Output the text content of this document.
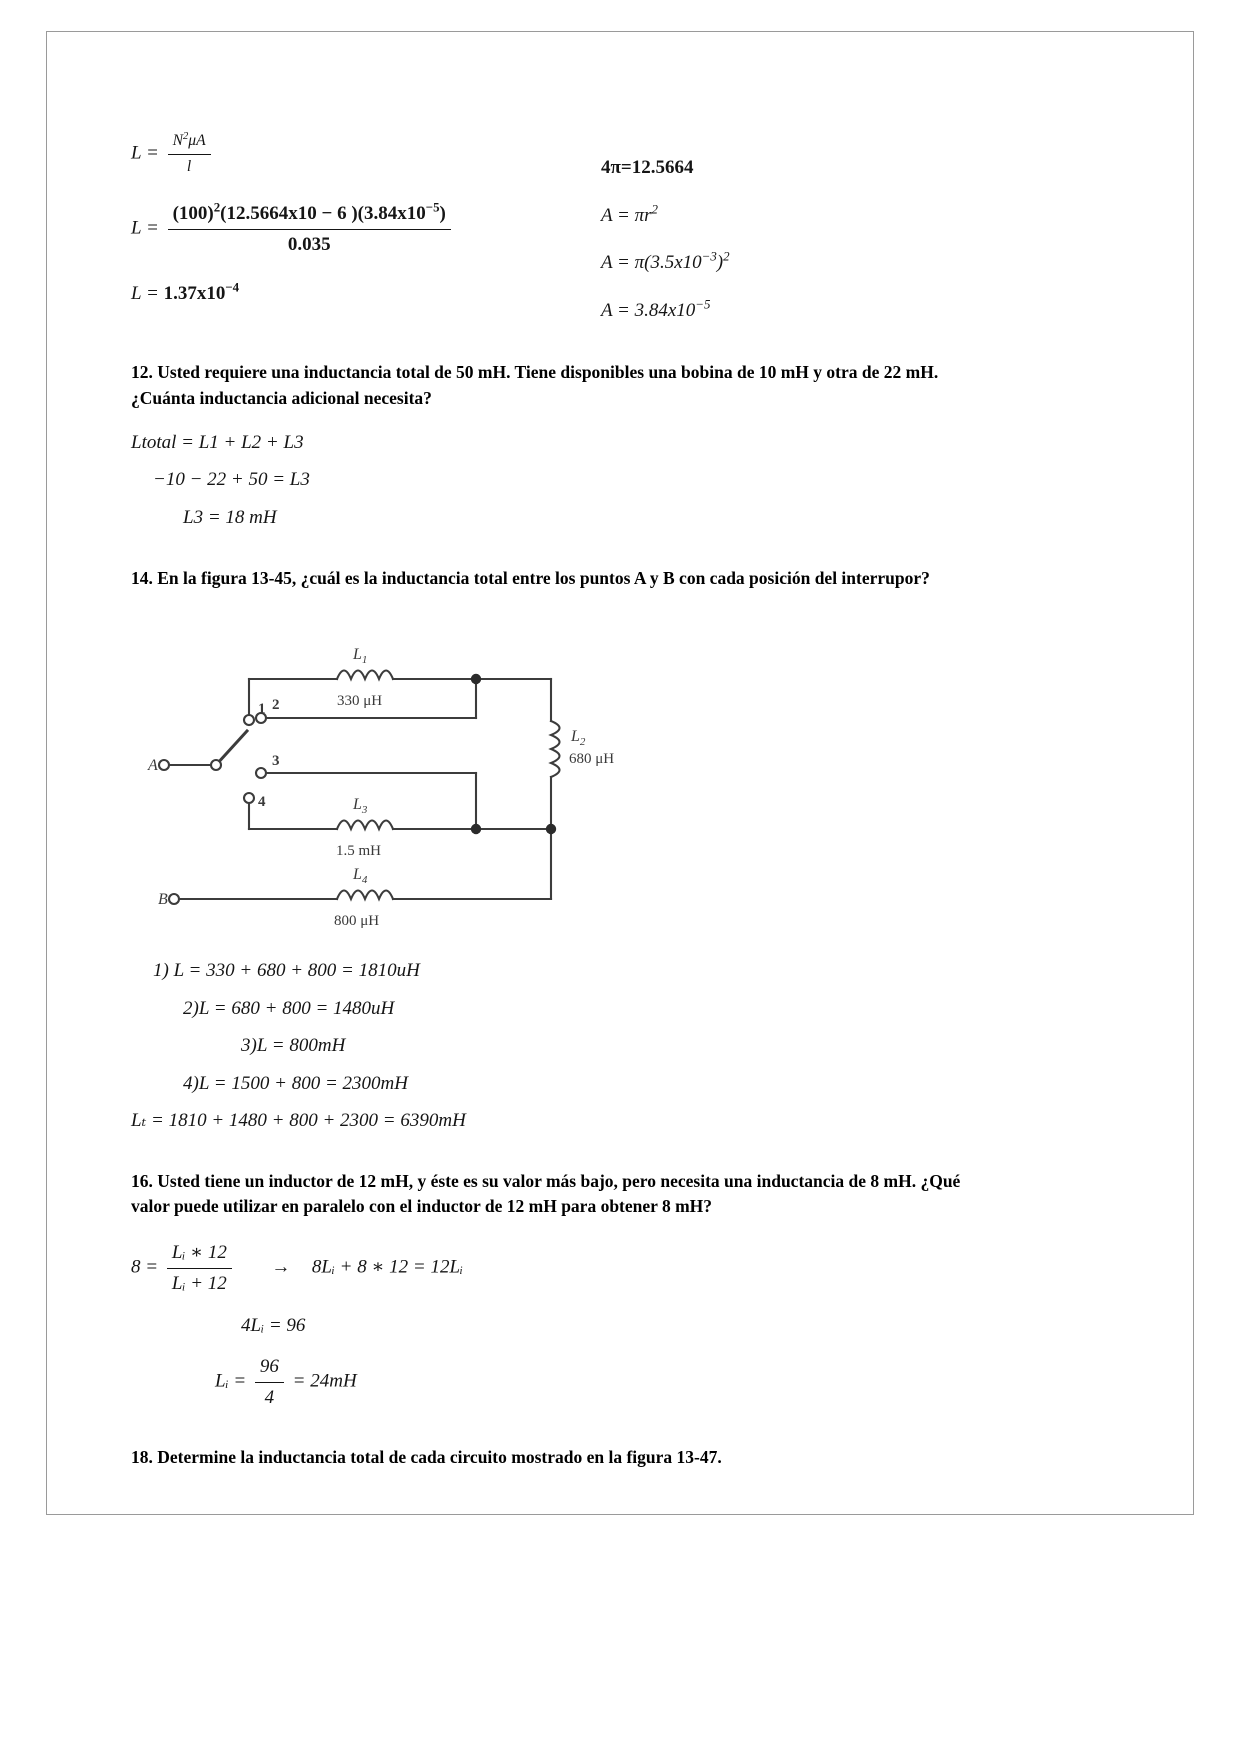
$L = \frac{N^2\mu A}{l}$
$L = \frac{(100)^2(12.5664x10 - 6 )(3.84x10^{-5})}{0.035}$
$L = 1.37x10^{-4}$
4π=12.5664
$A = \pi r^2$
$A = \pi(3.5x10^{-3})^2$
$A = 3.84x10^{-5}$
12. Usted requiere una inductancia total de 50 mH. Tiene disponibles una bobina de 10 mH y otra de 22 mH. ¿Cuánta inductancia adicional necesita?
Ltotal = L1 + L2 + L3
−10 − 22 + 50 = L3
L3 = 18 mH
14. En la figura 13-45, ¿cuál es la inductancia total entre los puntos A y B con cada posición del interrupor?
A
B
1 2
3
4
$L_1$
330 μH
$L_2$
680 μH
$L_3$
1.5 mH
$L_4$
800 μH
1) L = 330 + 680 + 800 = 1810uH
2)L = 680 + 800 = 1480uH
3)L = 800mH
4)L = 1500 + 800 = 2300mH
Lₜ = 1810 + 1480 + 800 + 2300 = 6390mH
16. Usted tiene un inductor de 12 mH, y éste es su valor más bajo, pero necesita una inductancia de 8 mH. ¿Qué valor puede utilizar en paralelo con el inductor de 12 mH para obtener 8 mH?
$8 = \frac{\text{Lᵢ ∗ 12}}{\text{Lᵢ + 12}}$ → 8Lᵢ + 8 ∗ 12 = 12Lᵢ
4Lᵢ = 96
Lᵢ = $\frac{96}{4} = 24mH$
18. Determine la inductancia total de cada circuito mostrado en la figura 13-47.
